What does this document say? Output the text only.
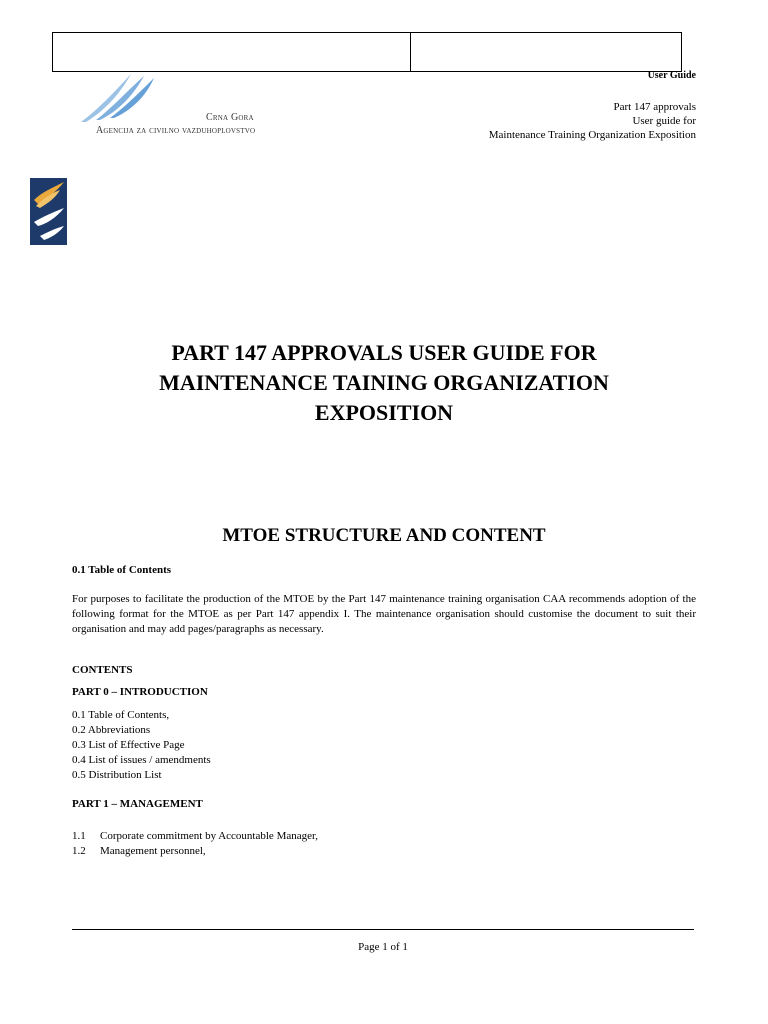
User Guide
Part 147 approvals
User guide for
Maintenance Training Organization Exposition
Crna Gora
Agencija za civilno vazduhoplovstvo
PART 147 APPROVALS USER GUIDE FOR
MAINTENANCE TAINING ORGANIZATION
EXPOSITION
MTOE STRUCTURE AND CONTENT
0.1 Table of Contents
For purposes to facilitate the production of the MTOE by the Part 147 maintenance training organisation CAA recommends adoption of the following format for the MTOE as per Part 147 appendix I. The maintenance organisation should customise the document to suit their organisation and may add pages/paragraphs as necessary.
CONTENTS
PART 0 – INTRODUCTION
0.1 Table of Contents,
0.2 Abbreviations
0.3 List of Effective Page
0.4 List of issues / amendments
0.5 Distribution List
PART 1 – MANAGEMENT
1.1	Corporate commitment by Accountable Manager,
1.2	Management personnel,
Page 1 of 1
